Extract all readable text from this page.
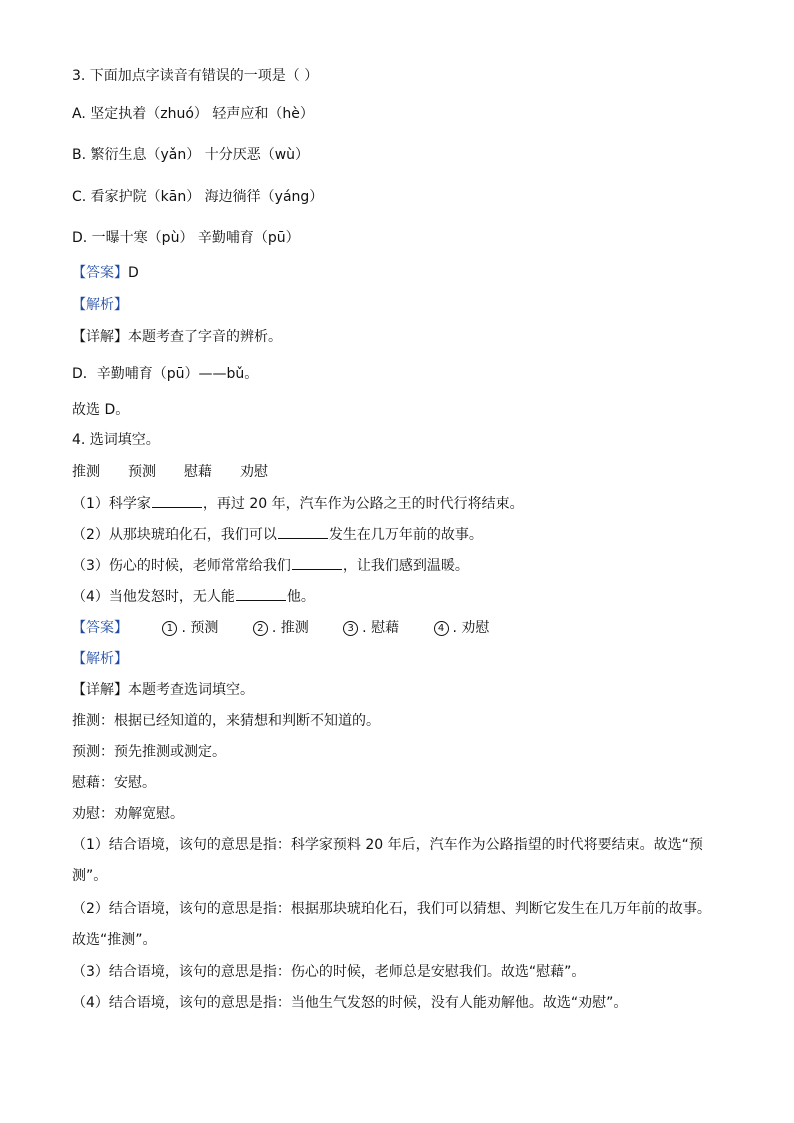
3. 下面加点字读音有错误的一项是（ ）
A. 坚定执着（zhuó） 轻声应和（hè）
B. 繁衍生息（yǎn） 十分厌恶（wù）
C. 看家护院（kān） 海边徜徉（yáng）
D. 一曝十寒（pù） 辛勤哺育（pū）
【答案】D
【解析】
【详解】本题考查了字音的辨析。
D．辛勤哺育（pū）——bǔ。
故选 D。
4. 选词填空。
推测 预测 慰藉 劝慰
（1）科学家	，再过 20 年，汽车作为公路之王的时代行将结束。
（2）从那块琥珀化石，我们可以	发生在几万年前的故事。
（3）伤心的时候，老师常常给我们	，让我们感到温暖。
（4）当他发怒时，无人能	他。
【答案】	1 . 预测	2 . 推测	3 . 慰藉	4 . 劝慰
【解析】
【详解】本题考查选词填空。
推测：根据已经知道的，来猜想和判断不知道的。
预测：预先推测或测定。
慰藉：安慰。
劝慰：劝解宽慰。
（1）结合语境，该句的意思是指：科学家预料 20 年后，汽车作为公路指望的时代将要结束。故选“预
测”。
（2）结合语境，该句的意思是指：根据那块琥珀化石，我们可以猜想、判断它发生在几万年前的故事。
故选“推测”。
（3）结合语境，该句的意思是指：伤心的时候，老师总是安慰我们。故选“慰藉”。
（4）结合语境，该句的意思是指：当他生气发怒的时候，没有人能劝解他。故选“劝慰”。
